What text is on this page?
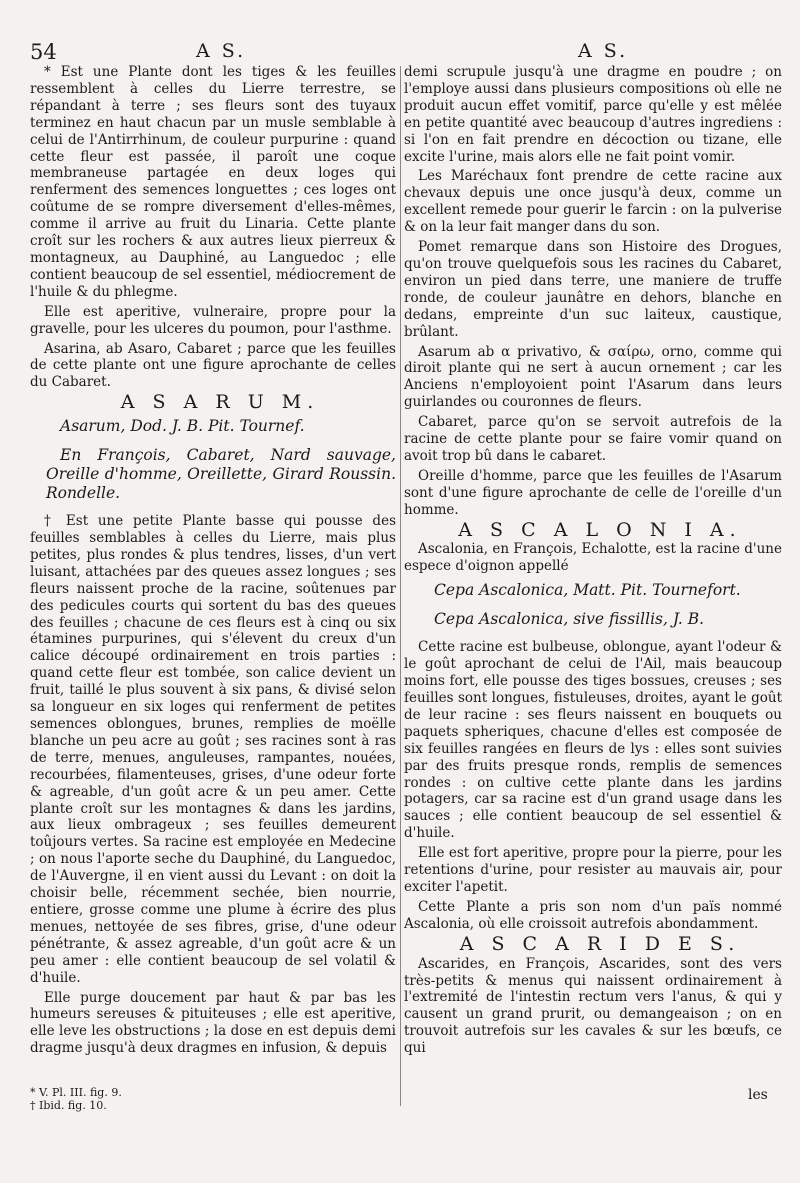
54	A S.	A S.

* Est une Plante dont les tiges & les feuilles ressemblent à celles du Lierre terrestre, se répandant à terre ; ses fleurs sont des tuyaux terminez en haut chacun par un musle semblable à celui de l'Antirrhinum, de couleur purpurine : quand cette fleur est passée, il paroît une coque membraneuse partagée en deux loges qui renferment des semences longuettes ; ces loges ont coûtume de se rompre diversement d'elles-mêmes, comme il arrive au fruit du Linaria. Cette plante croît sur les rochers & aux autres lieux pierreux & montagneux, au Dauphiné, au Languedoc ; elle contient beaucoup de sel essentiel, médiocrement de l'huile & du phlegme.

Elle est aperitive, vulneraire, propre pour la gravelle, pour les ulceres du poumon, pour l'asthme.

Asarina, ab Asaro, Cabaret ; parce que les feuilles de cette plante ont une figure aprochante de celles du Cabaret.

A S A R U M.

Asarum, Dod. J. B. Pit. Tournef.

En François, Cabaret, Nard sauvage, Oreille d'homme, Oreillette, Girard Roussin. Rondelle.

† Est une petite Plante basse qui pousse des feuilles semblables à celles du Lierre, mais plus petites, plus rondes & plus tendres, lisses, d'un vert luisant, attachées par des queues assez longues ; ses fleurs naissent proche de la racine, soûtenues par des pedicules courts qui sortent du bas des queues des feuilles ; chacune de ces fleurs est à cinq ou six étamines purpurines, qui s'élevent du creux d'un calice découpé ordinairement en trois parties : quand cette fleur est tombée, son calice devient un fruit, taillé le plus souvent à six pans, & divisé selon sa longueur en six loges qui renferment de petites semences oblongues, brunes, remplies de moëlle blanche un peu acre au goût ; ses racines sont à ras de terre, menues, anguleuses, rampantes, nouées, recourbées, filamenteuses, grises, d'une odeur forte & agreable, d'un goût acre & un peu amer. Cette plante croît sur les montagnes & dans les jardins, aux lieux ombrageux ; ses feuilles demeurent toûjours vertes. Sa racine est employée en Medecine ; on nous l'aporte seche du Dauphiné, du Languedoc, de l'Auvergne, il en vient aussi du Levant : on doit la choisir belle, récemment sechée, bien nourrie, entiere, grosse comme une plume à écrire des plus menues, nettoyée de ses fibres, grise, d'une odeur pénétrante, & assez agreable, d'un goût acre & un peu amer : elle contient beaucoup de sel volatil & d'huile.

Elle purge doucement par haut & par bas les humeurs sereuses & pituiteuses ; elle est aperitive, elle leve les obstructions ; la dose en est depuis demi dragme jusqu'à deux dragmes en infusion, & depuis

demi scrupule jusqu'à une dragme en poudre ; on l'employe aussi dans plusieurs compositions où elle ne produit aucun effet vomitif, parce qu'elle y est mêlée en petite quantité avec beaucoup d'autres ingrediens : si l'on en fait prendre en décoction ou tizane, elle excite l'urine, mais alors elle ne fait point vomir.

Les Maréchaux font prendre de cette racine aux chevaux depuis une once jusqu'à deux, comme un excellent remede pour guerir le farcin : on la pulverise & on la leur fait manger dans du son.

Pomet remarque dans son Histoire des Drogues, qu'on trouve quelquefois sous les racines du Cabaret, environ un pied dans terre, une maniere de truffe ronde, de couleur jaunâtre en dehors, blanche en dedans, empreinte d'un suc laiteux, caustique, brûlant.

Asarum ab α privativo, & σαίρω, orno, comme qui diroit plante qui ne sert à aucun ornement ; car les Anciens n'employoient point l'Asarum dans leurs guirlandes ou couronnes de fleurs.

Cabaret, parce qu'on se servoit autrefois de la racine de cette plante pour se faire vomir quand on avoit trop bû dans le cabaret.

Oreille d'homme, parce que les feuilles de l'Asarum sont d'une figure aprochante de celle de l'oreille d'un homme.

A S C A L O N I A.

Ascalonia, en François, Echalotte, est la racine d'une espece d'oignon appellé

Cepa Ascalonica, Matt. Pit. Tournefort.

Cepa Ascalonica, sive fissillis, J. B.

Cette racine est bulbeuse, oblongue, ayant l'odeur & le goût aprochant de celui de l'Ail, mais beaucoup moins fort, elle pousse des tiges bossues, creuses ; ses feuilles sont longues, fistuleuses, droites, ayant le goût de leur racine : ses fleurs naissent en bouquets ou paquets spheriques, chacune d'elles est composée de six feuilles rangées en fleurs de lys : elles sont suivies par des fruits presque ronds, remplis de semences rondes : on cultive cette plante dans les jardins potagers, car sa racine est d'un grand usage dans les sauces ; elle contient beaucoup de sel essentiel & d'huile.

Elle est fort aperitive, propre pour la pierre, pour les retentions d'urine, pour resister au mauvais air, pour exciter l'apetit.

Cette Plante a pris son nom d'un païs nommé Ascalonia, où elle croissoit autrefois abondamment.

A S C A R I D E S.

Ascarides, en François, Ascarides, sont des vers très-petits & menus qui naissent ordinairement à l'extremité de l'intestin rectum vers l'anus, & qui y causent un grand prurit, ou demangeaison ; on en trouvoit autrefois sur les cavales & sur les bœufs, ce qui

* V. Pl. III. fig. 9.
† Ibid. fig. 10.
les
